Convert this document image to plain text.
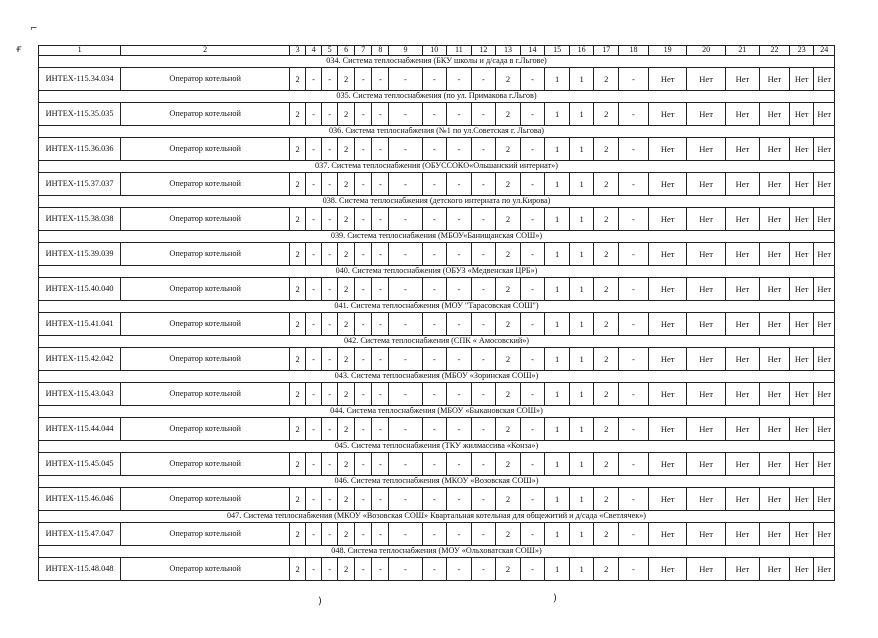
⌐
ғ	1	2	3	4	5	6	7	8	9	10	11	12	13	14	15	16	17	18	19	20	21	22	23	24
034. Система теплоснабжения (БКУ школы и д/сада в г.Льгове)																							
ИНТЕХ-115.34.034	Оператор котельной	2	-	-	2	-	-	-	-	-	-	2	-	1	1	2	-	Нет	Нет	Нет	Нет	Нет	Нет
035. Система теплоснабжения (по ул. Примакова г.Льгов)																							
ИНТЕХ-115.35.035	Оператор котельной	2	-	-	2	-	-	-	-	-	-	2	-	1	1	2	-	Нет	Нет	Нет	Нет	Нет	Нет
036. Система теплоснабжения (№1 по ул.Советская г. Льгова)																							
ИНТЕХ-115.36.036	Оператор котельной	2	-	-	2	-	-	-	-	-	-	2	-	1	1	2	-	Нет	Нет	Нет	Нет	Нет	Нет
037. Система теплоснабжения (ОБУССОКО«Ольшанский интернат»)																							
ИНТЕХ-115.37.037	Оператор котельной	2	-	-	2	-	-	-	-	-	-	2	-	1	1	2	-	Нет	Нет	Нет	Нет	Нет	Нет
038. Система теплоснабжения (детского интерната по ул.Кирова)																							
ИНТЕХ-115.38.038	Оператор котельной	2	-	-	2	-	-	-	-	-	-	2	-	1	1	2	-	Нет	Нет	Нет	Нет	Нет	Нет
039. Система теплоснабжения (МБОУ«Банищанская СОШ»)																							
ИНТЕХ-115.39.039	Оператор котельной	2	-	-	2	-	-	-	-	-	-	2	-	1	1	2	-	Нет	Нет	Нет	Нет	Нет	Нет
040. Система теплоснабжения (ОБУЗ «Медвенская ЦРБ»)																							
ИНТЕХ-115.40.040	Оператор котельной	2	-	-	2	-	-	-	-	-	-	2	-	1	1	2	-	Нет	Нет	Нет	Нет	Нет	Нет
041. Система теплоснабжения (МОУ "Тарасовская СОШ")																							
ИНТЕХ-115.41.041	Оператор котельной	2	-	-	2	-	-	-	-	-	-	2	-	1	1	2	-	Нет	Нет	Нет	Нет	Нет	Нет
042. Система теплоснабжения (СПК « Амосовский»)																							
ИНТЕХ-115.42.042	Оператор котельной	2	-	-	2	-	-	-	-	-	-	2	-	1	1	2	-	Нет	Нет	Нет	Нет	Нет	Нет
043. Система теплоснабжения (МБОУ «Зоринская СОШ»)																							
ИНТЕХ-115.43.043	Оператор котельной	2	-	-	2	-	-	-	-	-	-	2	-	1	1	2	-	Нет	Нет	Нет	Нет	Нет	Нет
044. Система теплоснабжения (МБОУ «Быкановская СОШ»)																							
ИНТЕХ-115.44.044	Оператор котельной	2	-	-	2	-	-	-	-	-	-	2	-	1	1	2	-	Нет	Нет	Нет	Нет	Нет	Нет
045. Система теплоснабжения (ТКУ жилмассива «Конза»)																							
ИНТЕХ-115.45.045	Оператор котельной	2	-	-	2	-	-	-	-	-	-	2	-	1	1	2	-	Нет	Нет	Нет	Нет	Нет	Нет
046. Система теплоснабжения (МКОУ «Возовская СОШ»)																							
ИНТЕХ-115.46.046	Оператор котельной	2	-	-	2	-	-	-	-	-	-	2	-	1	1	2	-	Нет	Нет	Нет	Нет	Нет	Нет
047. Система теплоснабжения (МКОУ «Возовская СОШ» Квартальная котельная для общежитий и д/сада «Светлячек»)																							
ИНТЕХ-115.47.047	Оператор котельной	2	-	-	2	-	-	-	-	-	-	2	-	1	1	2	-	Нет	Нет	Нет	Нет	Нет	Нет
048. Система теплоснабжения (МОУ «Ольховатская СОШ»)																							
ИНТЕХ-115.48.048	Оператор котельной	2	-	-	2	-	-	-	-	-	-	2	-	1	1	2	-	Нет	Нет	Нет	Нет	Нет	Нет
)	)
